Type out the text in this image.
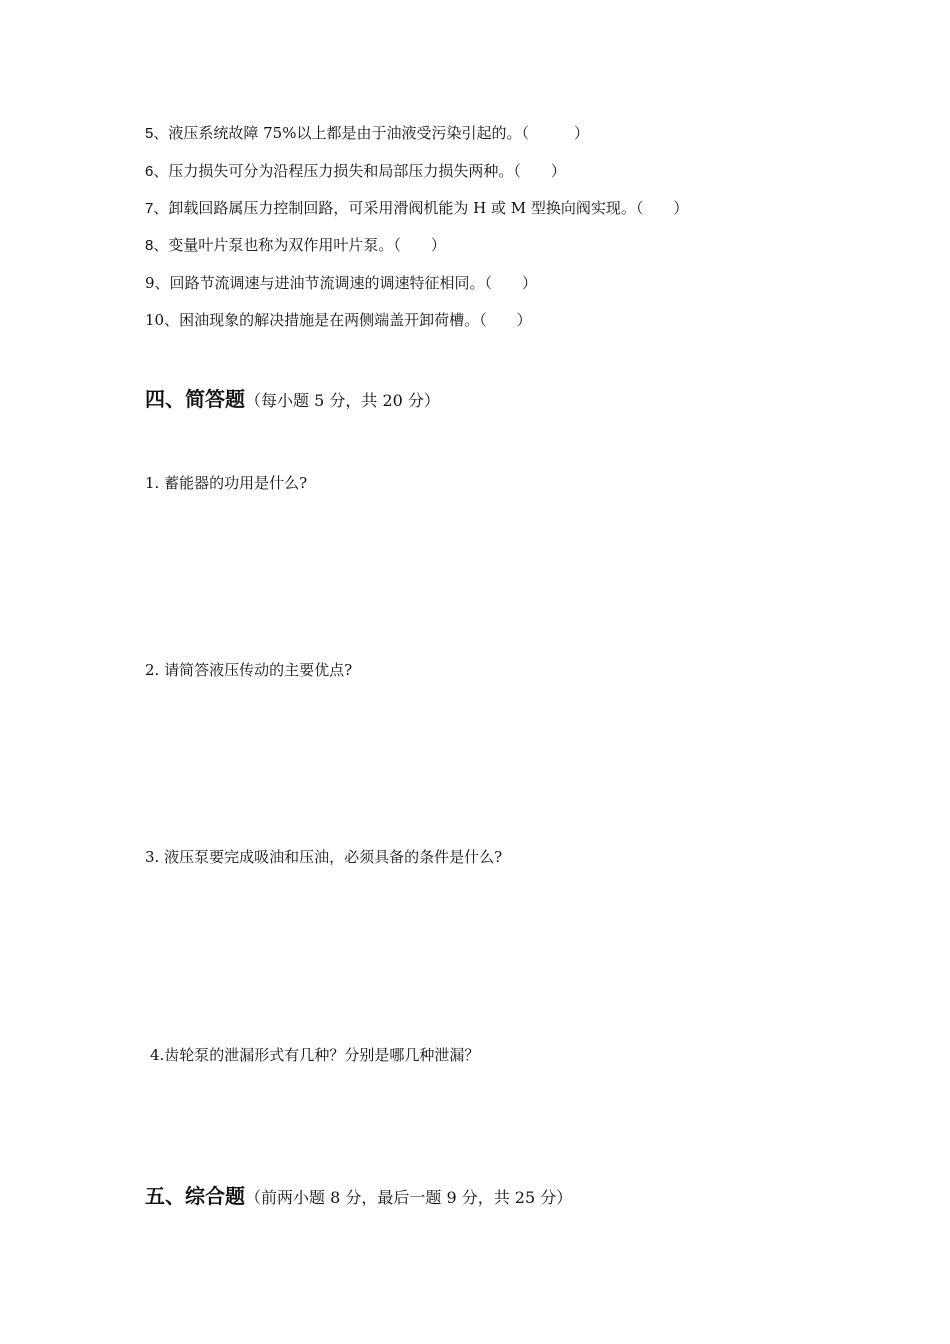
5、液压系统故障 75%以上都是由于油液受污染引起的。（　　　）
6、压力损失可分为沿程压力损失和局部压力损失两种。（　　）
7、卸载回路属压力控制回路，可采用滑阀机能为 H 或 M 型换向阀实现。（　　）
8、变量叶片泵也称为双作用叶片泵。（　　）
9、回路节流调速与进油节流调速的调速特征相同。（　　）
10、困油现象的解决措施是在两侧端盖开卸荷槽。（　　）
四、简答题（每小题 5 分，共 20 分）
1. 蓄能器的功用是什么?
2. 请简答液压传动的主要优点?
3. 液压泵要完成吸油和压油，必须具备的条件是什么?
4.齿轮泵的泄漏形式有几种？分别是哪几种泄漏？
五、综合题（前两小题 8 分，最后一题 9 分，共 25 分）
